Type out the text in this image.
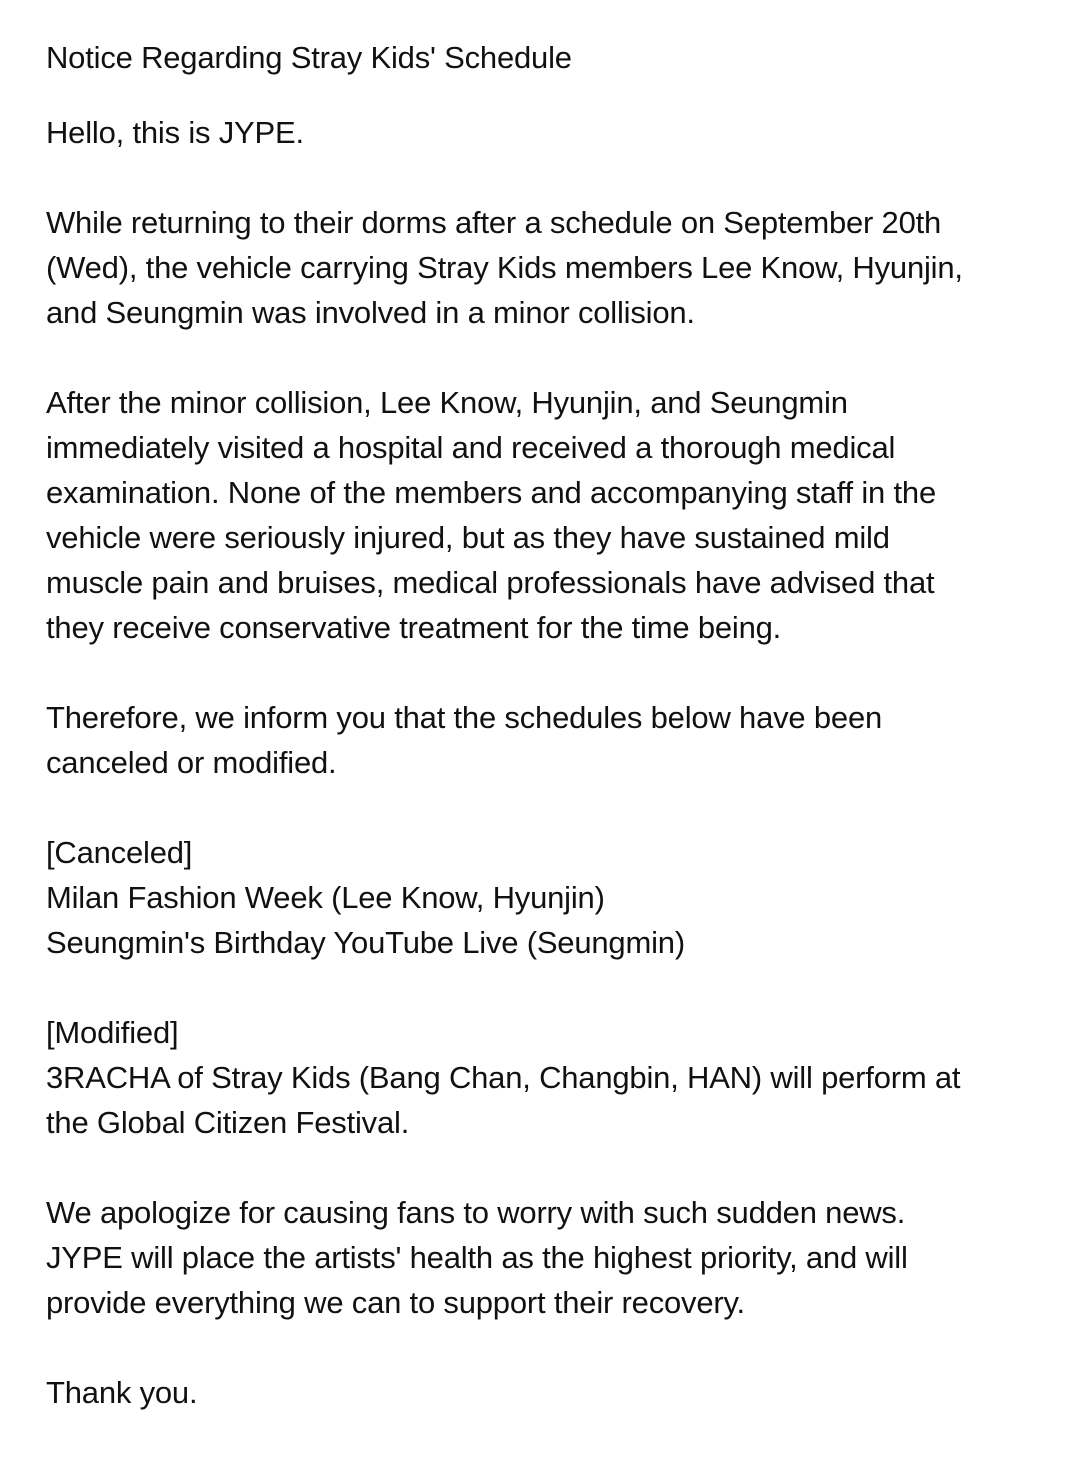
Notice Regarding Stray Kids' Schedule
Hello, this is JYPE.
While returning to their dorms after a schedule on September 20th
(Wed), the vehicle carrying Stray Kids members Lee Know, Hyunjin,
and Seungmin was involved in a minor collision.
After the minor collision, Lee Know, Hyunjin, and Seungmin
immediately visited a hospital and received a thorough medical
examination. None of the members and accompanying staff in the
vehicle were seriously injured, but as they have sustained mild
muscle pain and bruises, medical professionals have advised that
they receive conservative treatment for the time being.
Therefore, we inform you that the schedules below have been
canceled or modified.
[Canceled]
Milan Fashion Week (Lee Know, Hyunjin)
Seungmin's Birthday YouTube Live (Seungmin)
[Modified]
3RACHA of Stray Kids (Bang Chan, Changbin, HAN) will perform at
the Global Citizen Festival.
We apologize for causing fans to worry with such sudden news.
JYPE will place the artists' health as the highest priority, and will
provide everything we can to support their recovery.
Thank you.
